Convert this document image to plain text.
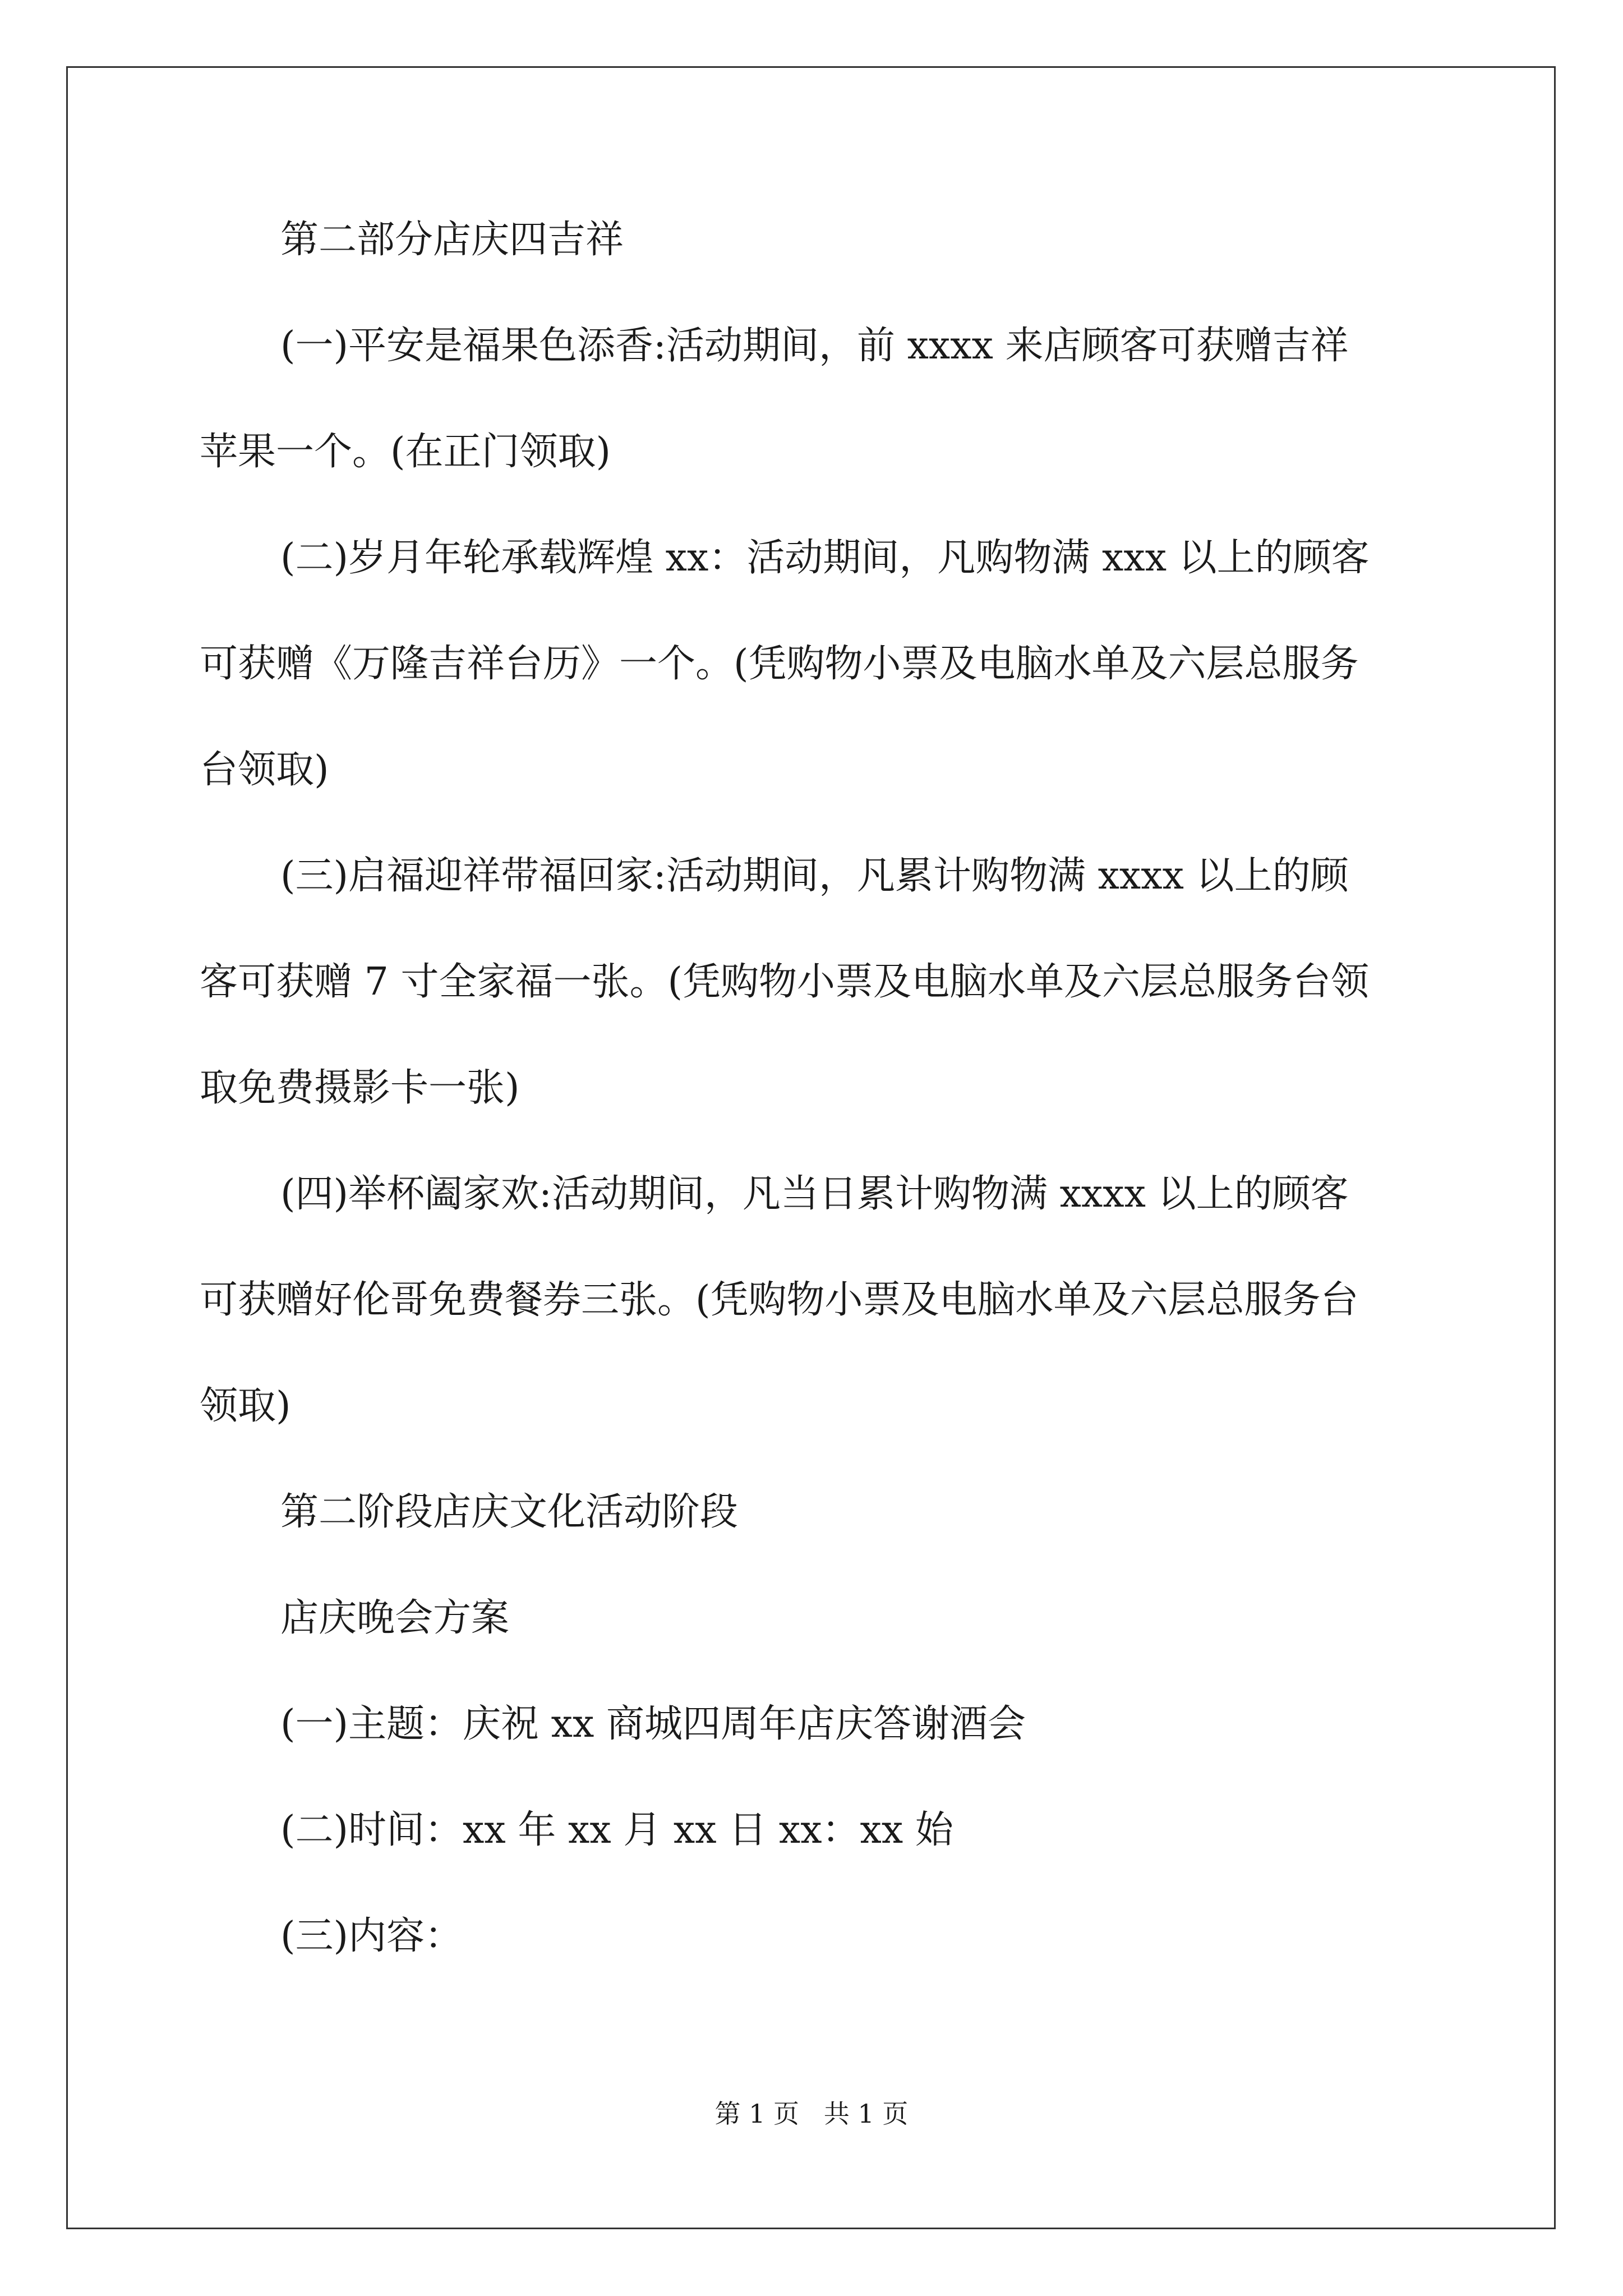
第二部分店庆四吉祥
(一)平安是福果色添香:活动期间，前 xxxx 来店顾客可获赠吉祥
苹果一个。(在正门领取)
(二)岁月年轮承载辉煌 xx：活动期间，凡购物满 xxx 以上的顾客
可获赠《万隆吉祥台历》一个。(凭购物小票及电脑水单及六层总服务
台领取)
(三)启福迎祥带福回家:活动期间，凡累计购物满 xxxx 以上的顾
客可获赠 7 寸全家福一张。(凭购物小票及电脑水单及六层总服务台领
取免费摄影卡一张)
(四)举杯阖家欢:活动期间，凡当日累计购物满 xxxx 以上的顾客
可获赠好伦哥免费餐券三张。(凭购物小票及电脑水单及六层总服务台
领取)
第二阶段店庆文化活动阶段
店庆晚会方案
(一)主题：庆祝 xx 商城四周年店庆答谢酒会
(二)时间：xx 年 xx 月 xx 日 xx：xx 始
(三)内容：
第 1 页   共 1 页
